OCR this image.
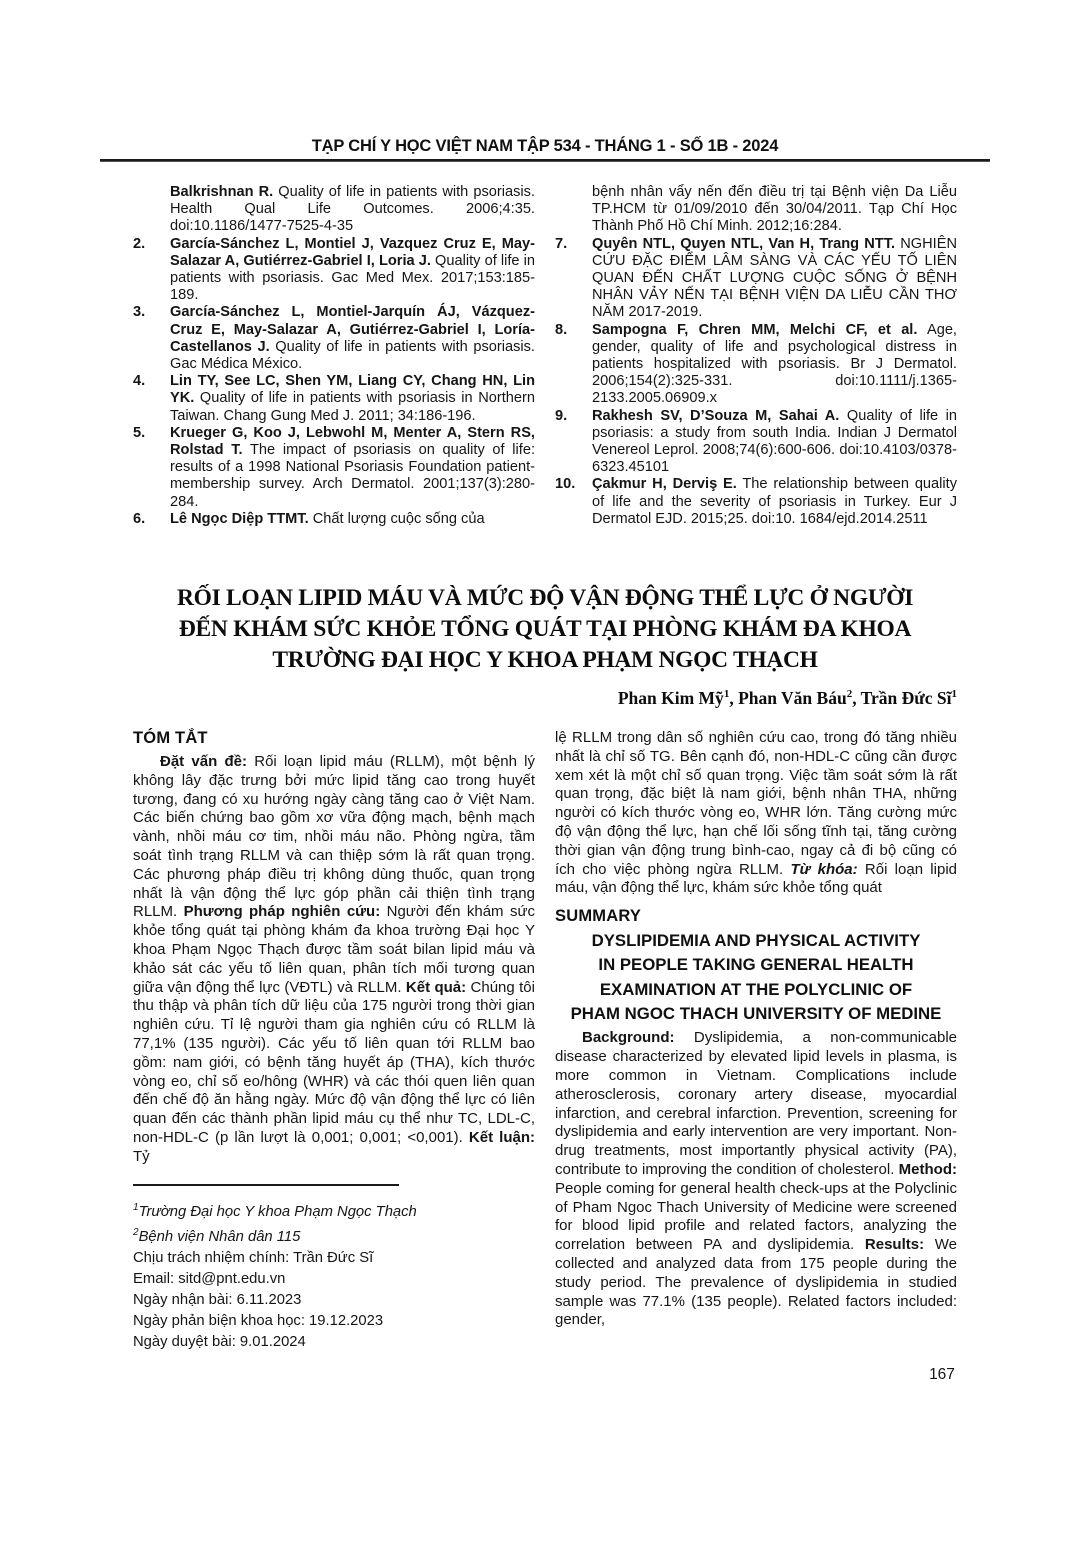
TẠP CHÍ Y HỌC VIỆT NAM TẬP 534 - THÁNG 1 - SỐ 1B - 2024
Balkrishnan R. Quality of life in patients with psoriasis. Health Qual Life Outcomes. 2006;4:35. doi:10.1186/1477-7525-4-35
2. García-Sánchez L, Montiel J, Vazquez Cruz E, May-Salazar A, Gutiérrez-Gabriel I, Loria J. Quality of life in patients with psoriasis. Gac Med Mex. 2017;153:185-189.
3. García-Sánchez L, Montiel-Jarquín ÁJ, Vázquez-Cruz E, May-Salazar A, Gutiérrez-Gabriel I, Loría-Castellanos J. Quality of life in patients with psoriasis. Gac Médica México.
4. Lin TY, See LC, Shen YM, Liang CY, Chang HN, Lin YK. Quality of life in patients with psoriasis in Northern Taiwan. Chang Gung Med J. 2011; 34:186-196.
5. Krueger G, Koo J, Lebwohl M, Menter A, Stern RS, Rolstad T. The impact of psoriasis on quality of life: results of a 1998 National Psoriasis Foundation patient-membership survey. Arch Dermatol. 2001;137(3):280-284.
6. Lê Ngọc Diệp TTMT. Chất lượng cuộc sống của
bệnh nhân vẩy nến đến điều trị tại Bệnh viện Da Liễu TP.HCM từ 01/09/2010 đến 30/04/2011. Tạp Chí Học Thành Phố Hồ Chí Minh. 2012;16:284.
7. Quyên NTL, Quyen NTL, Van H, Trang NTT. NGHIÊN CỨU ĐẶC ĐIỂM LÂM SÀNG VÀ CÁC YẾU TỐ LIÊN QUAN ĐẾN CHẤT LƯỢNG CUỘC SỐNG Ở BỆNH NHÂN VẢY NẾN TẠI BỆNH VIỆN DA LIỄU CẦN THƠ NĂM 2017-2019.
8. Sampogna F, Chren MM, Melchi CF, et al. Age, gender, quality of life and psychological distress in patients hospitalized with psoriasis. Br J Dermatol. 2006;154(2):325-331. doi:10.1111/j.1365-2133.2005.06909.x
9. Rakhesh SV, D’Souza M, Sahai A. Quality of life in psoriasis: a study from south India. Indian J Dermatol Venereol Leprol. 2008;74(6):600-606. doi:10.4103/0378-6323.45101
10. Çakmur H, Derviş E. The relationship between quality of life and the severity of psoriasis in Turkey. Eur J Dermatol EJD. 2015;25. doi:10. 1684/ejd.2014.2511
RỐI LOẠN LIPID MÁU VÀ MỨC ĐỘ VẬN ĐỘNG THỂ LỰC Ở NGƯỜI
ĐẾN KHÁM SỨC KHỎE TỔNG QUÁT TẠI PHÒNG KHÁM ĐA KHOA
TRƯỜNG ĐẠI HỌC Y KHOA PHẠM NGỌC THẠCH
Phan Kim Mỹ$^1$, Phan Văn Báu$^2$, Trần Đức $Sĩ^1$
TÓM TẮT
Đặt vấn đề: Rối loạn lipid máu (RLLM), một bệnh lý không lây đặc trưng bởi mức lipid tăng cao trong huyết tương, đang có xu hướng ngày càng tăng cao ở Việt Nam. Các biến chứng bao gồm xơ vữa động mạch, bệnh mạch vành, nhồi máu cơ tim, nhồi máu não. Phòng ngừa, tầm soát tình trạng RLLM và can thiệp sớm là rất quan trọng. Các phương pháp điều trị không dùng thuốc, quan trọng nhất là vận động thể lực góp phần cải thiện tình trạng RLLM. Phương pháp nghiên cứu: Người đến khám sức khỏe tổng quát tại phòng khám đa khoa trường Đại học Y khoa Phạm Ngọc Thạch được tầm soát bilan lipid máu và khảo sát các yếu tố liên quan, phân tích mối tương quan giữa vận động thể lực (VĐTL) và RLLM. Kết quả: Chúng tôi thu thập và phân tích dữ liệu của 175 người trong thời gian nghiên cứu. Tỉ lệ người tham gia nghiên cứu có RLLM là 77,1% (135 người). Các yếu tố liên quan tới RLLM bao gồm: nam giới, có bệnh tăng huyết áp (THA), kích thước vòng eo, chỉ số eo/hông (WHR) và các thói quen liên quan đến chế độ ăn hằng ngày. Mức độ vận động thể lực có liên quan đến các thành phần lipid máu cụ thể như TC, LDL-C, non-HDL-C (p lần lượt là 0,001; 0,001; <0,001). Kết luận: Tỷ
$^1$Trường Đại học Y khoa Phạm Ngọc Thạch
$^2$Bệnh viện Nhân dân 115
Chịu trách nhiệm chính: Trần Đức Sĩ
Email: sitd@pnt.edu.vn
Ngày nhận bài: 6.11.2023
Ngày phản biện khoa học: 19.12.2023
Ngày duyệt bài: 9.01.2024
lệ RLLM trong dân số nghiên cứu cao, trong đó tăng nhiều nhất là chỉ số TG. Bên cạnh đó, non-HDL-C cũng cần được xem xét là một chỉ số quan trọng. Việc tầm soát sớm là rất quan trọng, đặc biệt là nam giới, bệnh nhân THA, những người có kích thước vòng eo, WHR lớn. Tăng cường mức độ vận động thể lực, hạn chế lối sống tĩnh tại, tăng cường thời gian vận động trung bình-cao, ngay cả đi bộ cũng có ích cho việc phòng ngừa RLLM. Từ khóa: Rối loạn lipid máu, vận động thể lực, khám sức khỏe tổng quát
SUMMARY
DYSLIPIDEMIA AND PHYSICAL ACTIVITY
IN PEOPLE TAKING GENERAL HEALTH
EXAMINATION AT THE POLYCLINIC OF
PHAM NGOC THACH UNIVERSITY OF MEDINE
Background: Dyslipidemia, a non-communicable disease characterized by elevated lipid levels in plasma, is more common in Vietnam. Complications include atherosclerosis, coronary artery disease, myocardial infarction, and cerebral infarction. Prevention, screening for dyslipidemia and early intervention are very important. Non-drug treatments, most importantly physical activity (PA), contribute to improving the condition of cholesterol. Method: People coming for general health check-ups at the Polyclinic of Pham Ngoc Thach University of Medicine were screened for blood lipid profile and related factors, analyzing the correlation between PA and dyslipidemia. Results: We collected and analyzed data from 175 people during the study period. The prevalence of dyslipidemia in studied sample was 77.1% (135 people). Related factors included: gender,
167
